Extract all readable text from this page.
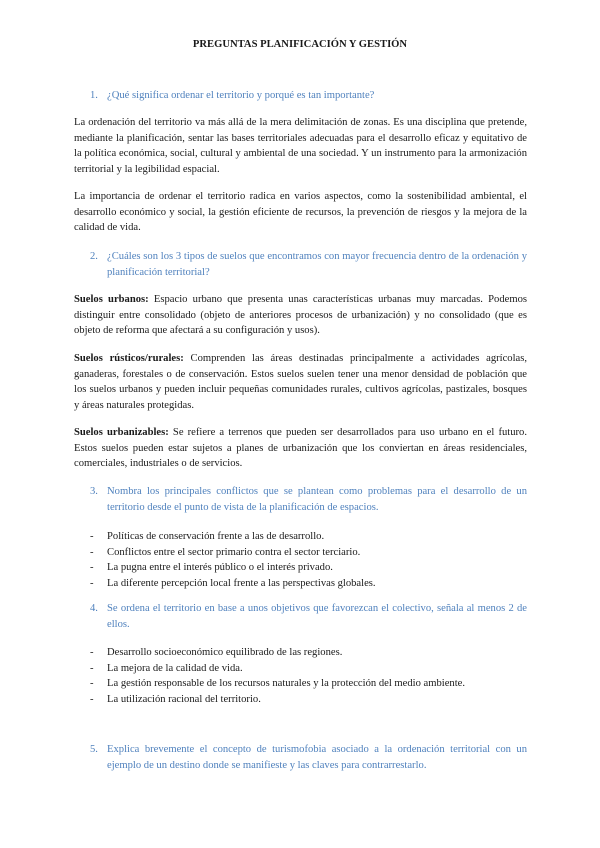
PREGUNTAS PLANIFICACIÓN Y GESTIÓN
1. ¿Qué significa ordenar el territorio y porqué es tan importante?

La ordenación del territorio va más allá de la mera delimitación de zonas. Es una disciplina que pretende, mediante la planificación, sentar las bases territoriales adecuadas para el desarrollo eficaz y equitativo de la política económica, social, cultural y ambiental de una sociedad. Y un instrumento para la armonización territorial y la legibilidad espacial.

La importancia de ordenar el territorio radica en varios aspectos, como la sostenibilidad ambiental, el desarrollo económico y social, la gestión eficiente de recursos, la prevención de riesgos y la mejora de la calidad de vida.

2. ¿Cuáles son los 3 tipos de suelos que encontramos con mayor frecuencia dentro de la ordenación y planificación territorial?

Suelos urbanos: Espacio urbano que presenta unas características urbanas muy marcadas. Podemos distinguir entre consolidado (objeto de anteriores procesos de urbanización) y no consolidado (que es objeto de reforma que afectará a su configuración y usos).

Suelos rústicos/rurales: Comprenden las áreas destinadas principalmente a actividades agrícolas, ganaderas, forestales o de conservación. Estos suelos suelen tener una menor densidad de población que los suelos urbanos y pueden incluir pequeñas comunidades rurales, cultivos agrícolas, pastizales, bosques y áreas naturales protegidas.

Suelos urbanizables: Se refiere a terrenos que pueden ser desarrollados para uso urbano en el futuro. Estos suelos pueden estar sujetos a planes de urbanización que los conviertan en áreas residenciales, comerciales, industriales o de servicios.

3. Nombra los principales conflictos que se plantean como problemas para el desarrollo de un territorio desde el punto de vista de la planificación de espacios.
- Políticas de conservación frente a las de desarrollo.
- Conflictos entre el sector primario contra el sector terciario.
- La pugna entre el interés público o el interés privado.
- La diferente percepción local frente a las perspectivas globales.
4. Se ordena el territorio en base a unos objetivos que favorezcan el colectivo, señala al menos 2 de ellos.
- Desarrollo socioeconómico equilibrado de las regiones.
- La mejora de la calidad de vida.
- La gestión responsable de los recursos naturales y la protección del medio ambiente.
- La utilización racional del territorio.
5. Explica brevemente el concepto de turismofobia asociado a la ordenación territorial con un ejemplo de un destino donde se manifieste y las claves para contrarrestarlo.
